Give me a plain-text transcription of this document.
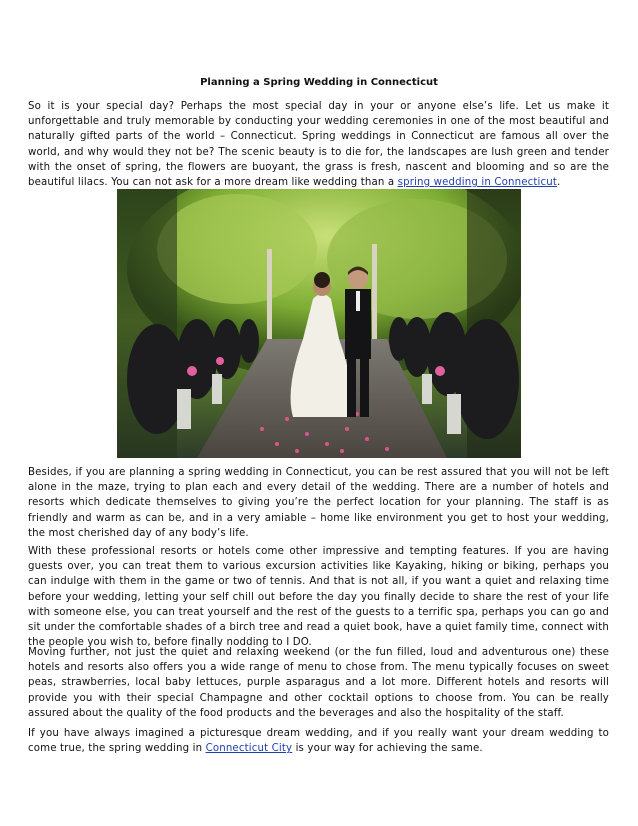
Planning a Spring Wedding in Connecticut

So it is your special day? Perhaps the most special day in your or anyone else’s life. Let us make it unforgettable and truly memorable by conducting your wedding ceremonies in one of the most beautiful and naturally gifted parts of the world – Connecticut. Spring weddings in Connecticut are famous all over the world, and why would they not be? The scenic beauty is to die for, the landscapes are lush green and tender with the onset of spring, the flowers are buoyant, the grass is fresh, nascent and blooming and so are the beautiful lilacs. You can not ask for a more dream like wedding than a spring wedding in Connecticut.

Besides, if you are planning a spring wedding in Connecticut, you can be rest assured that you will not be left alone in the maze, trying to plan each and every detail of the wedding. There are a number of hotels and resorts which dedicate themselves to giving you’re the perfect location for your planning. The staff is as friendly and warm as can be, and in a very amiable – home like environment you get to host your wedding, the most cherished day of any body’s life.

With these professional resorts or hotels come other impressive and tempting features. If you are having guests over, you can treat them to various excursion activities like Kayaking, hiking or biking, perhaps you can indulge with them in the game or two of tennis. And that is not all, if you want a quiet and relaxing time before your wedding, letting your self chill out before the day you finally decide to share the rest of your life with someone else, you can treat yourself and the rest of the guests to a terrific spa, perhaps you can go and sit under the comfortable shades of a birch tree and read a quiet book, have a quiet family time, connect with the people you wish to, before finally nodding to I DO.

Moving further, not just the quiet and relaxing weekend (or the fun filled, loud and adventurous one) these hotels and resorts also offers you a wide range of menu to chose from. The menu typically focuses on sweet peas, strawberries, local baby lettuces, purple asparagus and a lot more. Different hotels and resorts will provide you with their special Champagne and other cocktail options to choose from. You can be really assured about the quality of the food products and the beverages and also the hospitality of the staff.

If you have always imagined a picturesque dream wedding, and if you really want your dream wedding to come true, the spring wedding in Connecticut City is your way for achieving the same.
